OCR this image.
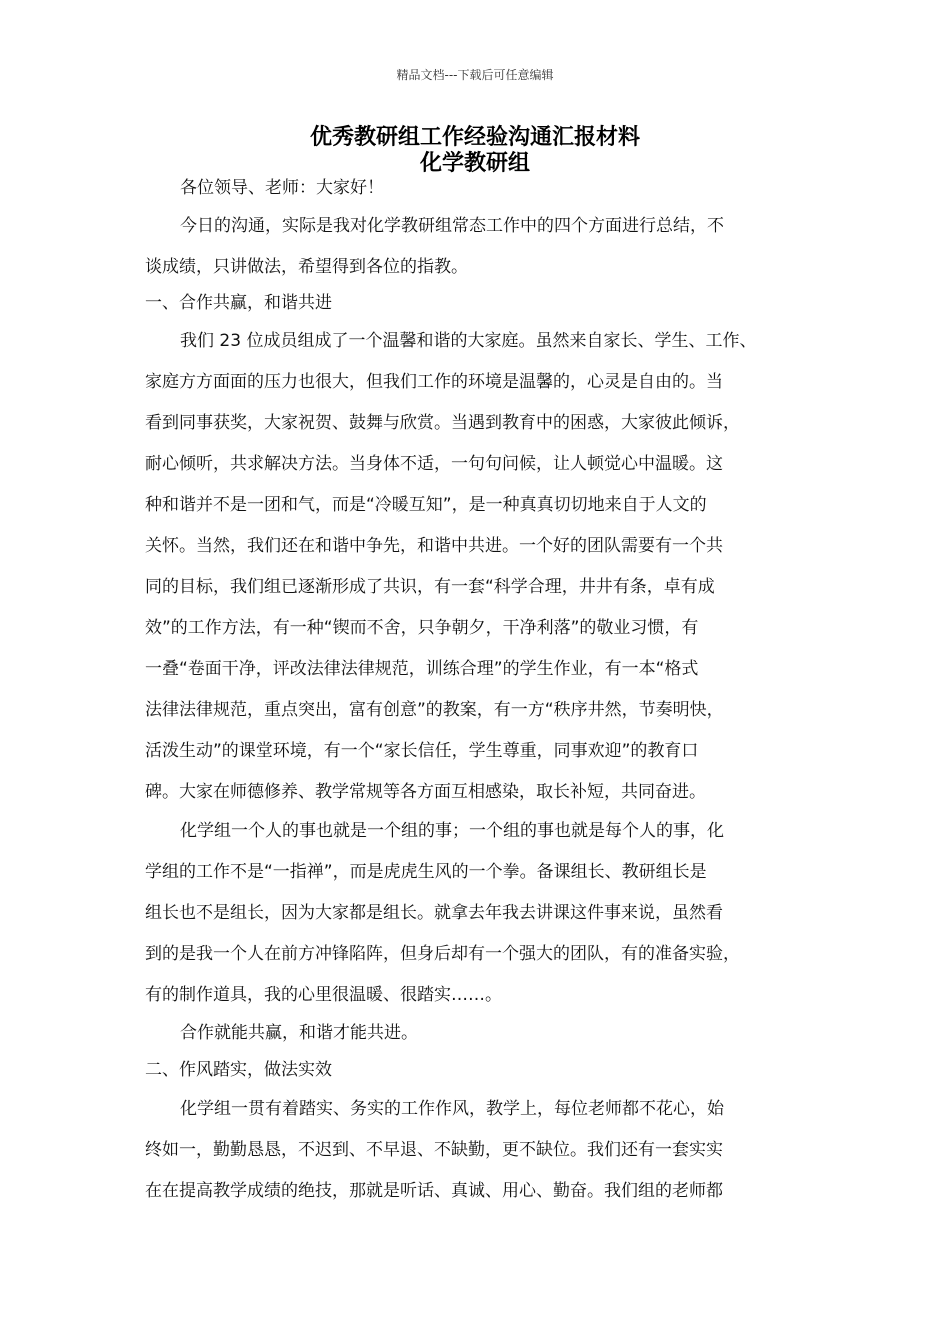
精品文档---下载后可任意编辑
优秀教研组工作经验沟通汇报材料
化学教研组
各位领导、老师：大家好！
今日的沟通，实际是我对化学教研组常态工作中的四个方面进行总结，不
谈成绩，只讲做法，希望得到各位的指教。
一、合作共赢，和谐共进
我们 23 位成员组成了一个温馨和谐的大家庭。虽然来自家长、学生、工作、
家庭方方面面的压力也很大，但我们工作的环境是温馨的，心灵是自由的。当
看到同事获奖，大家祝贺、鼓舞与欣赏。当遇到教育中的困惑，大家彼此倾诉，
耐心倾听，共求解决方法。当身体不适，一句句问候，让人顿觉心中温暖。这
种和谐并不是一团和气，而是“冷暖互知”，是一种真真切切地来自于人文的
关怀。当然，我们还在和谐中争先，和谐中共进。一个好的团队需要有一个共
同的目标，我们组已逐渐形成了共识，有一套“科学合理，井井有条，卓有成
效”的工作方法，有一种“锲而不舍，只争朝夕，干净利落”的敬业习惯，有
一叠“卷面干净，评改法律法律规范，训练合理”的学生作业，有一本“格式
法律法律规范，重点突出，富有创意”的教案，有一方“秩序井然，节奏明快，
活泼生动”的课堂环境，有一个“家长信任，学生尊重，同事欢迎”的教育口
碑。大家在师德修养、教学常规等各方面互相感染，取长补短，共同奋进。
化学组一个人的事也就是一个组的事；一个组的事也就是每个人的事，化
学组的工作不是“一指禅”，而是虎虎生风的一个拳。备课组长、教研组长是
组长也不是组长，因为大家都是组长。就拿去年我去讲课这件事来说，虽然看
到的是我一个人在前方冲锋陷阵，但身后却有一个强大的团队，有的准备实验，
有的制作道具，我的心里很温暖、很踏实……。
合作就能共赢，和谐才能共进。
二、作风踏实，做法实效
化学组一贯有着踏实、务实的工作作风，教学上，每位老师都不花心，始
终如一，勤勤恳恳，不迟到、不早退、不缺勤，更不缺位。我们还有一套实实
在在提高教学成绩的绝技，那就是听话、真诚、用心、勤奋。我们组的老师都
